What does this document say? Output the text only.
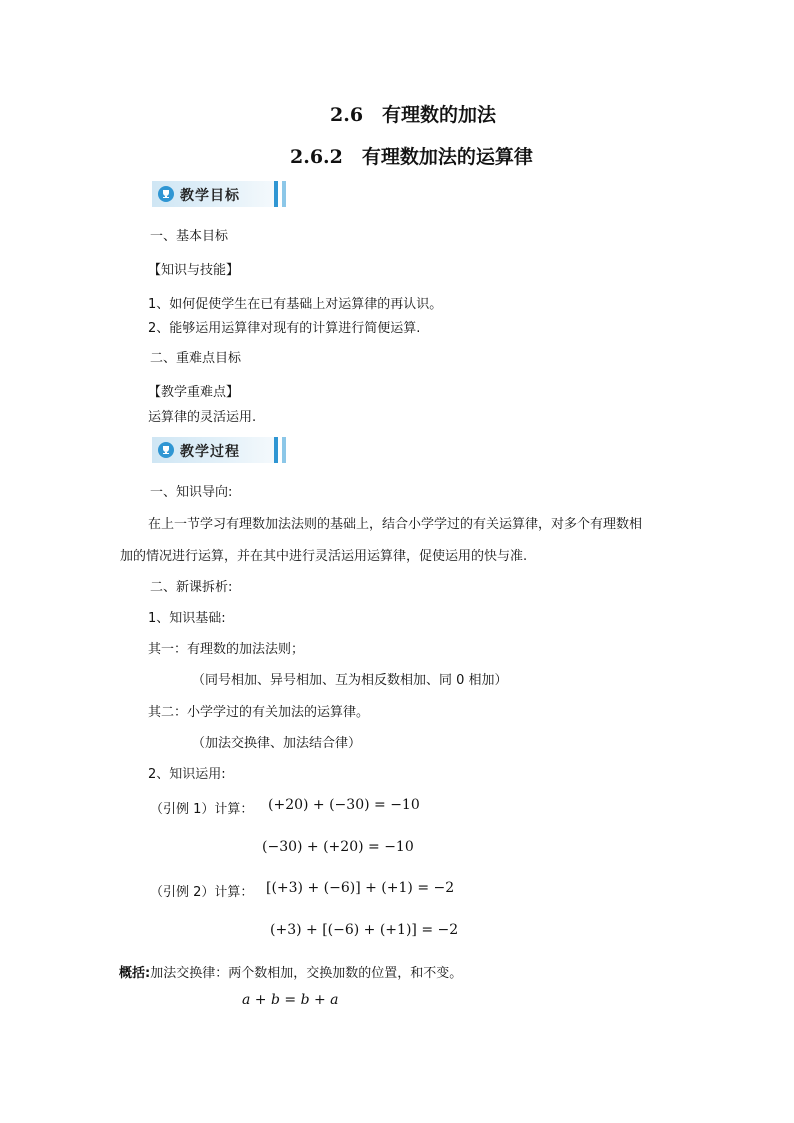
2.6　有理数的加法
2.6.2　有理数加法的运算律
教学目标
一、基本目标
【知识与技能】
1、如何促使学生在已有基础上对运算律的再认识。
2、能够运用运算律对现有的计算进行简便运算.
二、重难点目标
【教学重难点】
运算律的灵活运用.
教学过程
一、知识导向:
在上一节学习有理数加法法则的基础上，结合小学学过的有关运算律，对多个有理数相
加的情况进行运算，并在其中进行灵活运用运算律，促使运用的快与准.
二、新课拆析:
1、知识基础:
其一：有理数的加法法则；
（同号相加、异号相加、互为相反数相加、同 0 相加）
其二：小学学过的有关加法的运算律。
（加法交换律、加法结合律）
2、知识运用:
（引例 1）计算： (+20) + (−30) = −10
(−30) + (+20) = −10
（引例 2）计算： [(+3) + (−6)] + (+1) = −2
(+3) + [(−6) + (+1)] = −2
概括:加法交换律：两个数相加，交换加数的位置，和不变。
a + b = b + a
